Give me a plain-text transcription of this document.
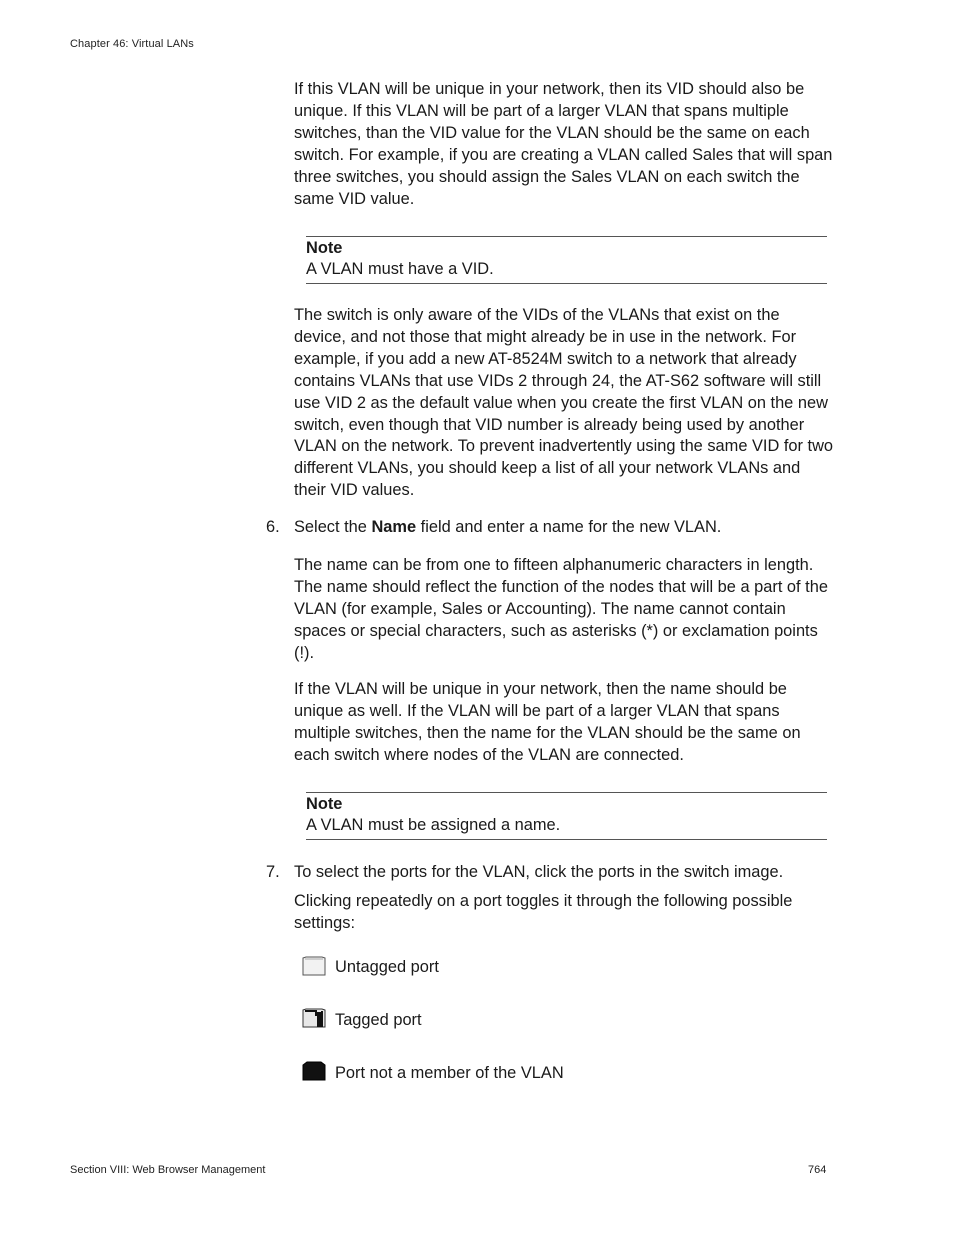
Chapter 46: Virtual LANs

If this VLAN will be unique in your network, then its VID should also be unique. If this VLAN will be part of a larger VLAN that spans multiple switches, than the VID value for the VLAN should be the same on each switch. For example, if you are creating a VLAN called Sales that will span three switches, you should assign the Sales VLAN on each switch the same VID value.

Note
A VLAN must have a VID.

The switch is only aware of the VIDs of the VLANs that exist on the device, and not those that might already be in use in the network. For example, if you add a new AT-8524M switch to a network that already contains VLANs that use VIDs 2 through 24, the AT-S62 software will still use VID 2 as the default value when you create the first VLAN on the new switch, even though that VID number is already being used by another VLAN on the network. To prevent inadvertently using the same VID for two different VLANs, you should keep a list of all your network VLANs and their VID values.

6. Select the Name field and enter a name for the new VLAN.

The name can be from one to fifteen alphanumeric characters in length. The name should reflect the function of the nodes that will be a part of the VLAN (for example, Sales or Accounting). The name cannot contain spaces or special characters, such as asterisks (*) or exclamation points (!).

If the VLAN will be unique in your network, then the name should be unique as well. If the VLAN will be part of a larger VLAN that spans multiple switches, then the name for the VLAN should be the same on each switch where nodes of the VLAN are connected.

Note
A VLAN must be assigned a name.
7. To select the ports for the VLAN, click the ports in the switch image.

Clicking repeatedly on a port toggles it through the following possible settings:

Untagged port
Tagged port
Port not a member of the VLAN
Section VIII: Web Browser Management	764
